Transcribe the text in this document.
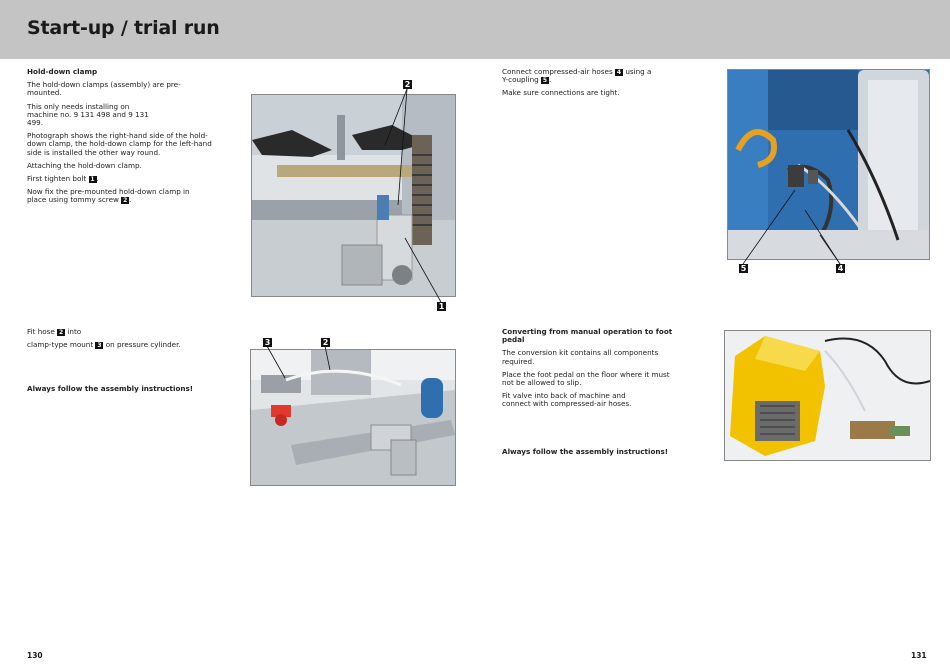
Start-up / trial run

Hold-down clamp

The hold-down clamps (assembly) are pre-mounted.

This only needs installing on machine no. 9 131 498 and 9 131 499.

Photograph shows the right-hand side of the hold-down clamp, the hold-down clamp for the left-hand side is installed the other way round.

Attaching the hold-down clamp.

First tighten bolt 1 .

Now fix the pre-mounted hold-down clamp in place using tommy screw 2 .

Fit hose 2 into

clamp-type mount 3 on pressure cylinder.

Always follow the assembly instructions!

Connect compressed-air hoses 4 using a Y-coupling 5 .

Make sure connections are tight.

Converting from manual operation to foot pedal

The conversion kit contains all components required.

Place the foot pedal on the floor where it must not be allowed to slip.

Fit valve into back of machine and connect with compressed-air hoses.

Always follow the assembly instructions!

2
1
3	2
5	4
130	131
